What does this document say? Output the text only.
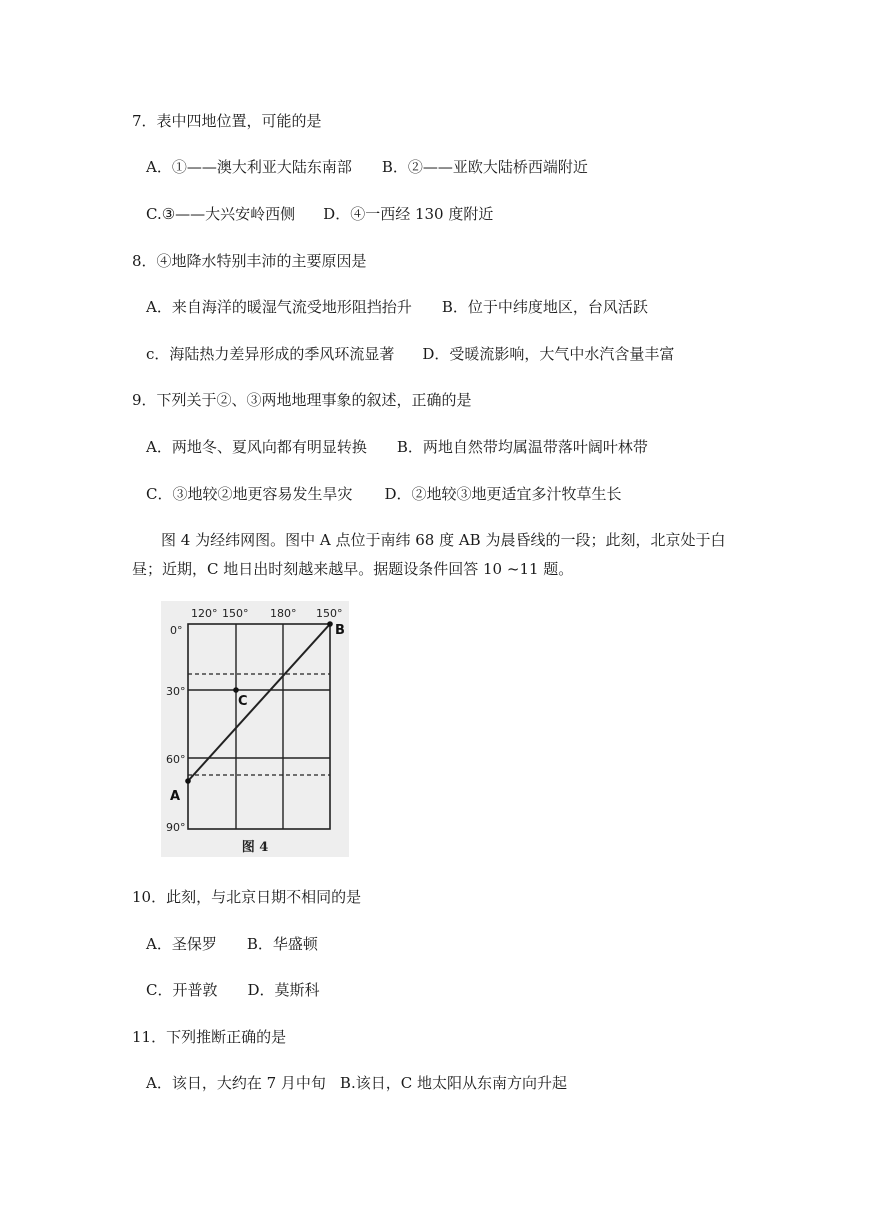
7．表中四地位置，可能的是
A．①——澳大利亚大陆东南部 B．②——亚欧大陆桥西端附近
C.③——大兴安岭西侧 D．④一西经 130 度附近
8．④地降水特别丰沛的主要原因是
A．来自海洋的暖湿气流受地形阻挡抬升 B．位于中纬度地区，台风活跃
c．海陆热力差异形成的季风环流显著 D．受暖流影响，大气中水汽含量丰富
9．下列关于②、③两地地理事象的叙述，正确的是
A．两地冬、夏风向都有明显转换 B．两地自然带均属温带落叶阔叶林带
C．③地较②地更容易发生旱灾 D．②地较③地更适宜多汁牧草生长
图 4 为经纬网图。图中 A 点位于南纬 68 度 AB 为晨昏线的一段；此刻，北京处于白
昼；近期，C 地日出时刻越来越早。据题设条件回答 10 ~11 题。
120° 150° 180° 150°
0°
30°
60°
90°
A
B
C
图 4
10．此刻，与北京日期不相同的是
A．圣保罗 B．华盛顿
C．开普敦 D．莫斯科
11．下列推断正确的是
A．该日，大约在 7 月中旬 B.该日，C 地太阳从东南方向升起
